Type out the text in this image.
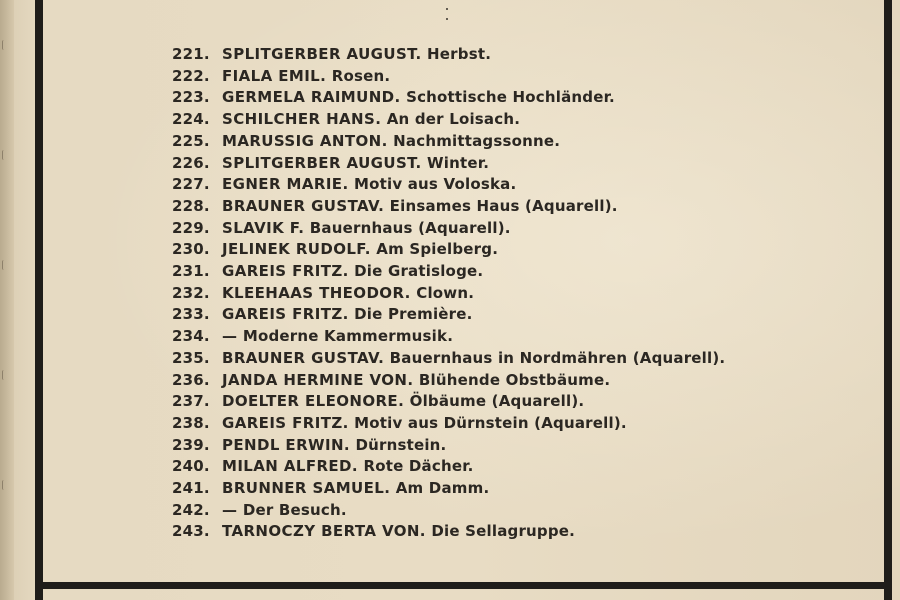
221. SPLITGERBER AUGUST. Herbst.
222. FIALA EMIL. Rosen.
223. GERMELA RAIMUND. Schottische Hochländer.
224. SCHILCHER HANS. An der Loisach.
225. MARUSSIG ANTON. Nachmittagssonne.
226. SPLITGERBER AUGUST. Winter.
227. EGNER MARIE. Motiv aus Voloska.
228. BRAUNER GUSTAV. Einsames Haus (Aquarell).
229. SLAVIK F. Bauernhaus (Aquarell).
230. JELINEK RUDOLF. Am Spielberg.
231. GAREIS FRITZ. Die Gratisloge.
232. KLEEHAAS THEODOR. Clown.
233. GAREIS FRITZ. Die Première.
234. — Moderne Kammermusik.
235. BRAUNER GUSTAV. Bauernhaus in Nordmähren (Aquarell).
236. JANDA HERMINE VON. Blühende Obstbäume.
237. DOELTER ELEONORE. Ölbäume (Aquarell).
238. GAREIS FRITZ. Motiv aus Dürnstein (Aquarell).
239. PENDL ERWIN. Dürnstein.
240. MILAN ALFRED. Rote Dächer.
241. BRUNNER SAMUEL. Am Damm.
242. — Der Besuch.
243. TARNOCZY BERTA VON. Die Sellagruppe.
